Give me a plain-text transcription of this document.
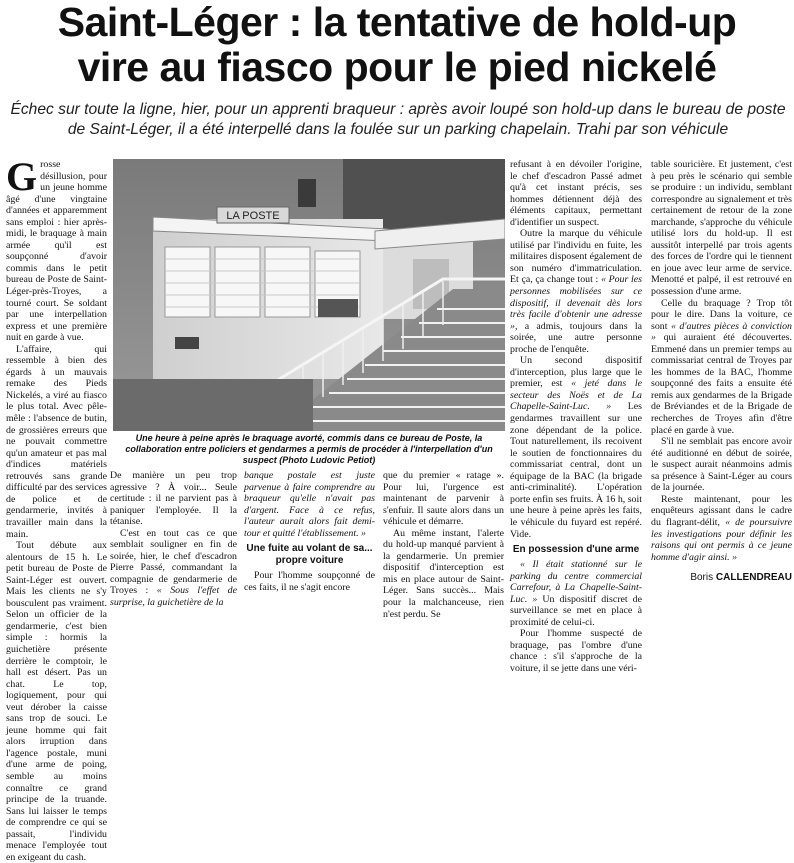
Saint-Léger : la tentative de hold-up
vire au fiasco pour le pied nickelé
Échec sur toute la ligne, hier, pour un apprenti braqueur : après avoir loupé son hold-up dans le bureau de poste de Saint-Léger, il a été interpellé dans la foulée sur un parking chapelain. Trahi par son véhicule

Grosse désillusion, pour un jeune homme âgé d'une vingtaine d'années et apparemment sans emploi : hier après-midi, le braquage à main armée qu'il est soupçonné d'avoir commis dans le petit bureau de Poste de Saint-Léger-près-Troyes, a tourné court. Se soldant par une interpellation express et une première nuit en garde à vue.

L'affaire, qui ressemble à bien des égards à un mauvais remake des Pieds Nickelés, a viré au fiasco le plus total. Avec pêle-mêle : l'absence de butin, de grossières erreurs que ne pouvait commettre qu'un amateur et pas mal d'indices matériels retrouvés sans grande difficulté par des services de police et de gendarmerie, invités à travailler main dans la main.

Tout débute aux alentours de 15 h. Le petit bureau de Poste de Saint-Léger est ouvert. Mais les clients ne s'y bousculent pas vraiment. Selon un officier de la gendarmerie, c'est bien simple : hormis la guichetière présente derrière le comptoir, le hall est désert. Pas un chat. Le top, logiquement, pour qui veut dérober la caisse sans trop de souci. Le jeune homme qui fait alors irruption dans l'agence postale, muni d'une arme de poing, semble au moins connaître ce grand principe de la truande. Sans lui laisser le temps de comprendre ce qui se passait, l'individu menace l'employée tout en exigeant du cash.

LA POSTE
Une heure à peine après le braquage avorté, commis dans ce bureau de Poste, la collaboration entre policiers et gendarmes a permis de procéder à l'interpellation d'un suspect (Photo Ludovic Petiot)

De manière un peu trop agressive ? À voir... Seule certitude : il ne parvient pas à paniquer l'employée. Il la tétanise.

C'est en tout cas ce que semblait souligner en fin de soirée, hier, le chef d'escadron Pierre Passé, commandant la compagnie de gendarmerie de Troyes : « Sous l'effet de surprise, la guichetière de la

banque postale est juste parvenue à faire comprendre au braqueur qu'elle n'avait pas d'argent. Face à ce refus, l'auteur aurait alors fait demi-tour et quitté l'établissement. »

Une fuite au volant de sa... propre voiture

Pour l'homme soupçonné de ces faits, il ne s'agit encore

que du premier « ratage ». Pour lui, l'urgence est maintenant de parvenir à s'enfuir. Il saute alors dans un véhicule et démarre.

Au même instant, l'alerte du hold-up manqué parvient à la gendarmerie. Un premier dispositif d'interception est mis en place autour de Saint-Léger. Sans succès... Mais pour la malchanceuse, rien n'est perdu. Se

refusant à en dévoiler l'origine, le chef d'escadron Passé admet qu'à cet instant précis, ses hommes détiennent déjà des éléments capitaux, permettant d'identifier un suspect.

Outre la marque du véhicule utilisé par l'individu en fuite, les militaires disposent également de son numéro d'immatriculation. Et ça, ça change tout : « Pour les personnes mobilisées sur ce dispositif, il devenait dès lors très facile d'obtenir une adresse », a admis, toujours dans la soirée, une autre personne proche de l'enquête.

Un second dispositif d'interception, plus large que le premier, est « jeté dans le secteur des Noës et de La Chapelle-Saint-Luc. » Les gendarmes travaillent sur une zone dépendant de la police. Tout naturellement, ils recoivent le soutien de fonctionnaires du commissariat central, dont un équipage de la BAC (la brigade anti-criminalité). L'opération porte enfin ses fruits. À 16 h, soit une heure à peine après les faits, le véhicule du fuyard est repéré. Vide.

En possession d'une arme

« Il était stationné sur le parking du centre commercial Carrefour, à La Chapelle-Saint-Luc. » Un dispositif discret de surveillance se met en place à proximité de celui-ci.

Pour l'homme suspecté de braquage, pas l'ombre d'une chance : s'il s'approche de la voiture, il se jette dans une véri-

table souricière. Et justement, c'est à peu près le scénario qui semble se produire : un individu, semblant correspondre au signalement et très certainement de retour de la zone marchande, s'approche du véhicule utilisé lors du hold-up. Il est aussitôt interpellé par trois agents des forces de l'ordre qui le tiennent en joue avec leur arme de service. Menotté et palpé, il est retrouvé en possession d'une arme.

Celle du braquage ? Trop tôt pour le dire. Dans la voiture, ce sont « d'autres pièces à conviction » qui auraient été découvertes. Emmené dans un premier temps au commissariat central de Troyes par les hommes de la BAC, l'homme soupçonné des faits a ensuite été remis aux gendarmes de la Brigade de Bréviandes et de la Brigade de recherches de Troyes afin d'être placé en garde à vue.

S'il ne semblait pas encore avoir été auditionné en début de soirée, le suspect aurait néanmoins admis sa présence à Saint-Léger au cours de la journée.

Reste maintenant, pour les enquêteurs agissant dans le cadre du flagrant-délit, « de poursuivre les investigations pour définir les raisons qui ont permis à ce jeune homme d'agir ainsi. »

Boris CALLENDREAU
